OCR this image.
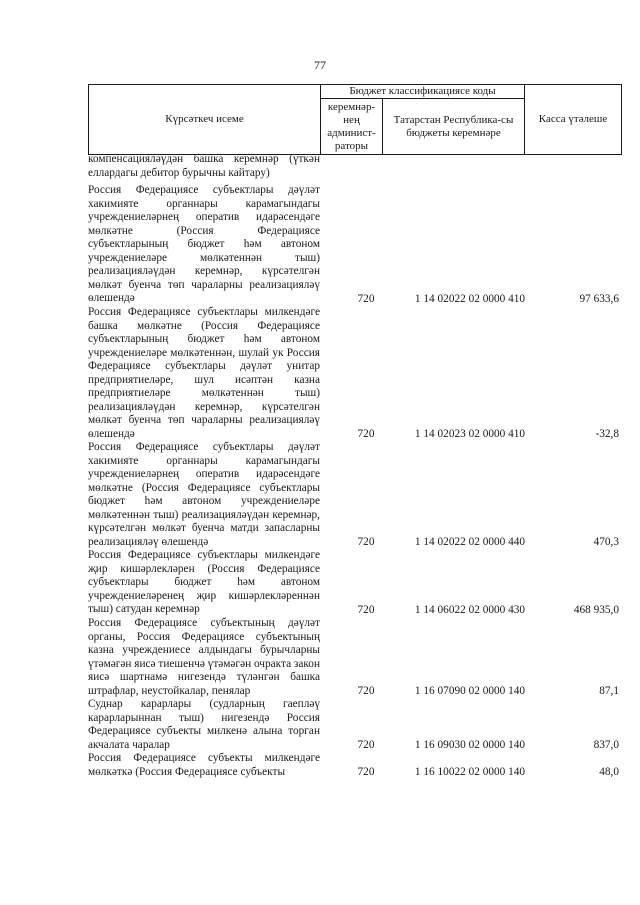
77
Күрсәткеч исеме	Бюджет классификациясе коды		Касса үтәлеше
	керемнәр-нең админист-раторы	Татарстан Республика-сы бюджеты керемнәре	
компенсацияләүдән башка керемнәр (үткән еллардагы дебитор бурычны кайтару)
Россия Федерациясе субъектлары дәүләт хакимияте органнары карамагындагы учреждениеләрнең оператив идарәсендәге мөлкәтне (Россия Федерациясе субъектларының бюджет һәм автоном учреждениеләре мөлкәтеннән тыш) реализацияләүдән керемнәр, күрсәтелгән мөлкәт буенча төп чараларны реализацияләү өлешендә	720	1 14 02022 02 0000 410	97 633,6
Россия Федерациясе субъектлары милкендәге башка мөлкәтне (Россия Федерациясе субъектларының бюджет һәм автоном учреждениеләре мөлкәтеннән, шулай ук Россия Федерациясе субъектлары дәүләт унитар предприятиеләре, шул исәптән казна предприятиеләре мөлкәтеннән тыш) реализацияләүдән керемнәр, күрсәтелгән мөлкәт буенча төп чараларны реализацияләү өлешендә	720	1 14 02023 02 0000 410	-32,8
Россия Федерациясе субъектлары дәүләт хакимияте органнары карамагындагы учреждениеләрнең оператив идарәсендәге мөлкәтне (Россия Федерациясе субъектлары бюджет һәм автоном учреждениеләре мөлкәтеннән тыш) реализацияләүдән керемнәр, күрсәтелгән мөлкәт буенча матди запасларны реализацияләү өлешендә	720	1 14 02022 02 0000 440	470,3
Россия Федерациясе субъектлары милкендәге җир кишәрлекләрен (Россия Федерациясе субъектлары бюджет һәм автоном учреждениеләренең җир кишәрлекләреннән тыш) сатудан керемнәр	720	1 14 06022 02 0000 430	468 935,0
Россия Федерациясе субъектының дәүләт органы, Россия Федерациясе субъектының казна учреждениесе алдындагы бурычларны үтәмәгән яисә тиешенчә үтәмәгән очракта закон яисә шартнамә нигезендә түләнгән башка штрафлар, неустойкалар, пенялар	720	1 16 07090 02 0000 140	87,1
Суднар карарлары (судларның гаепләү карарларыннан тыш) нигезендә Россия Федерациясе субъекты милкенә алына торган акчалата чаралар	720	1 16 09030 02 0000 140	837,0
Россия Федерациясе субъекты милкендәге мөлкәткә (Россия Федерациясе субъекты	720	1 16 10022 02 0000 140	48,0
